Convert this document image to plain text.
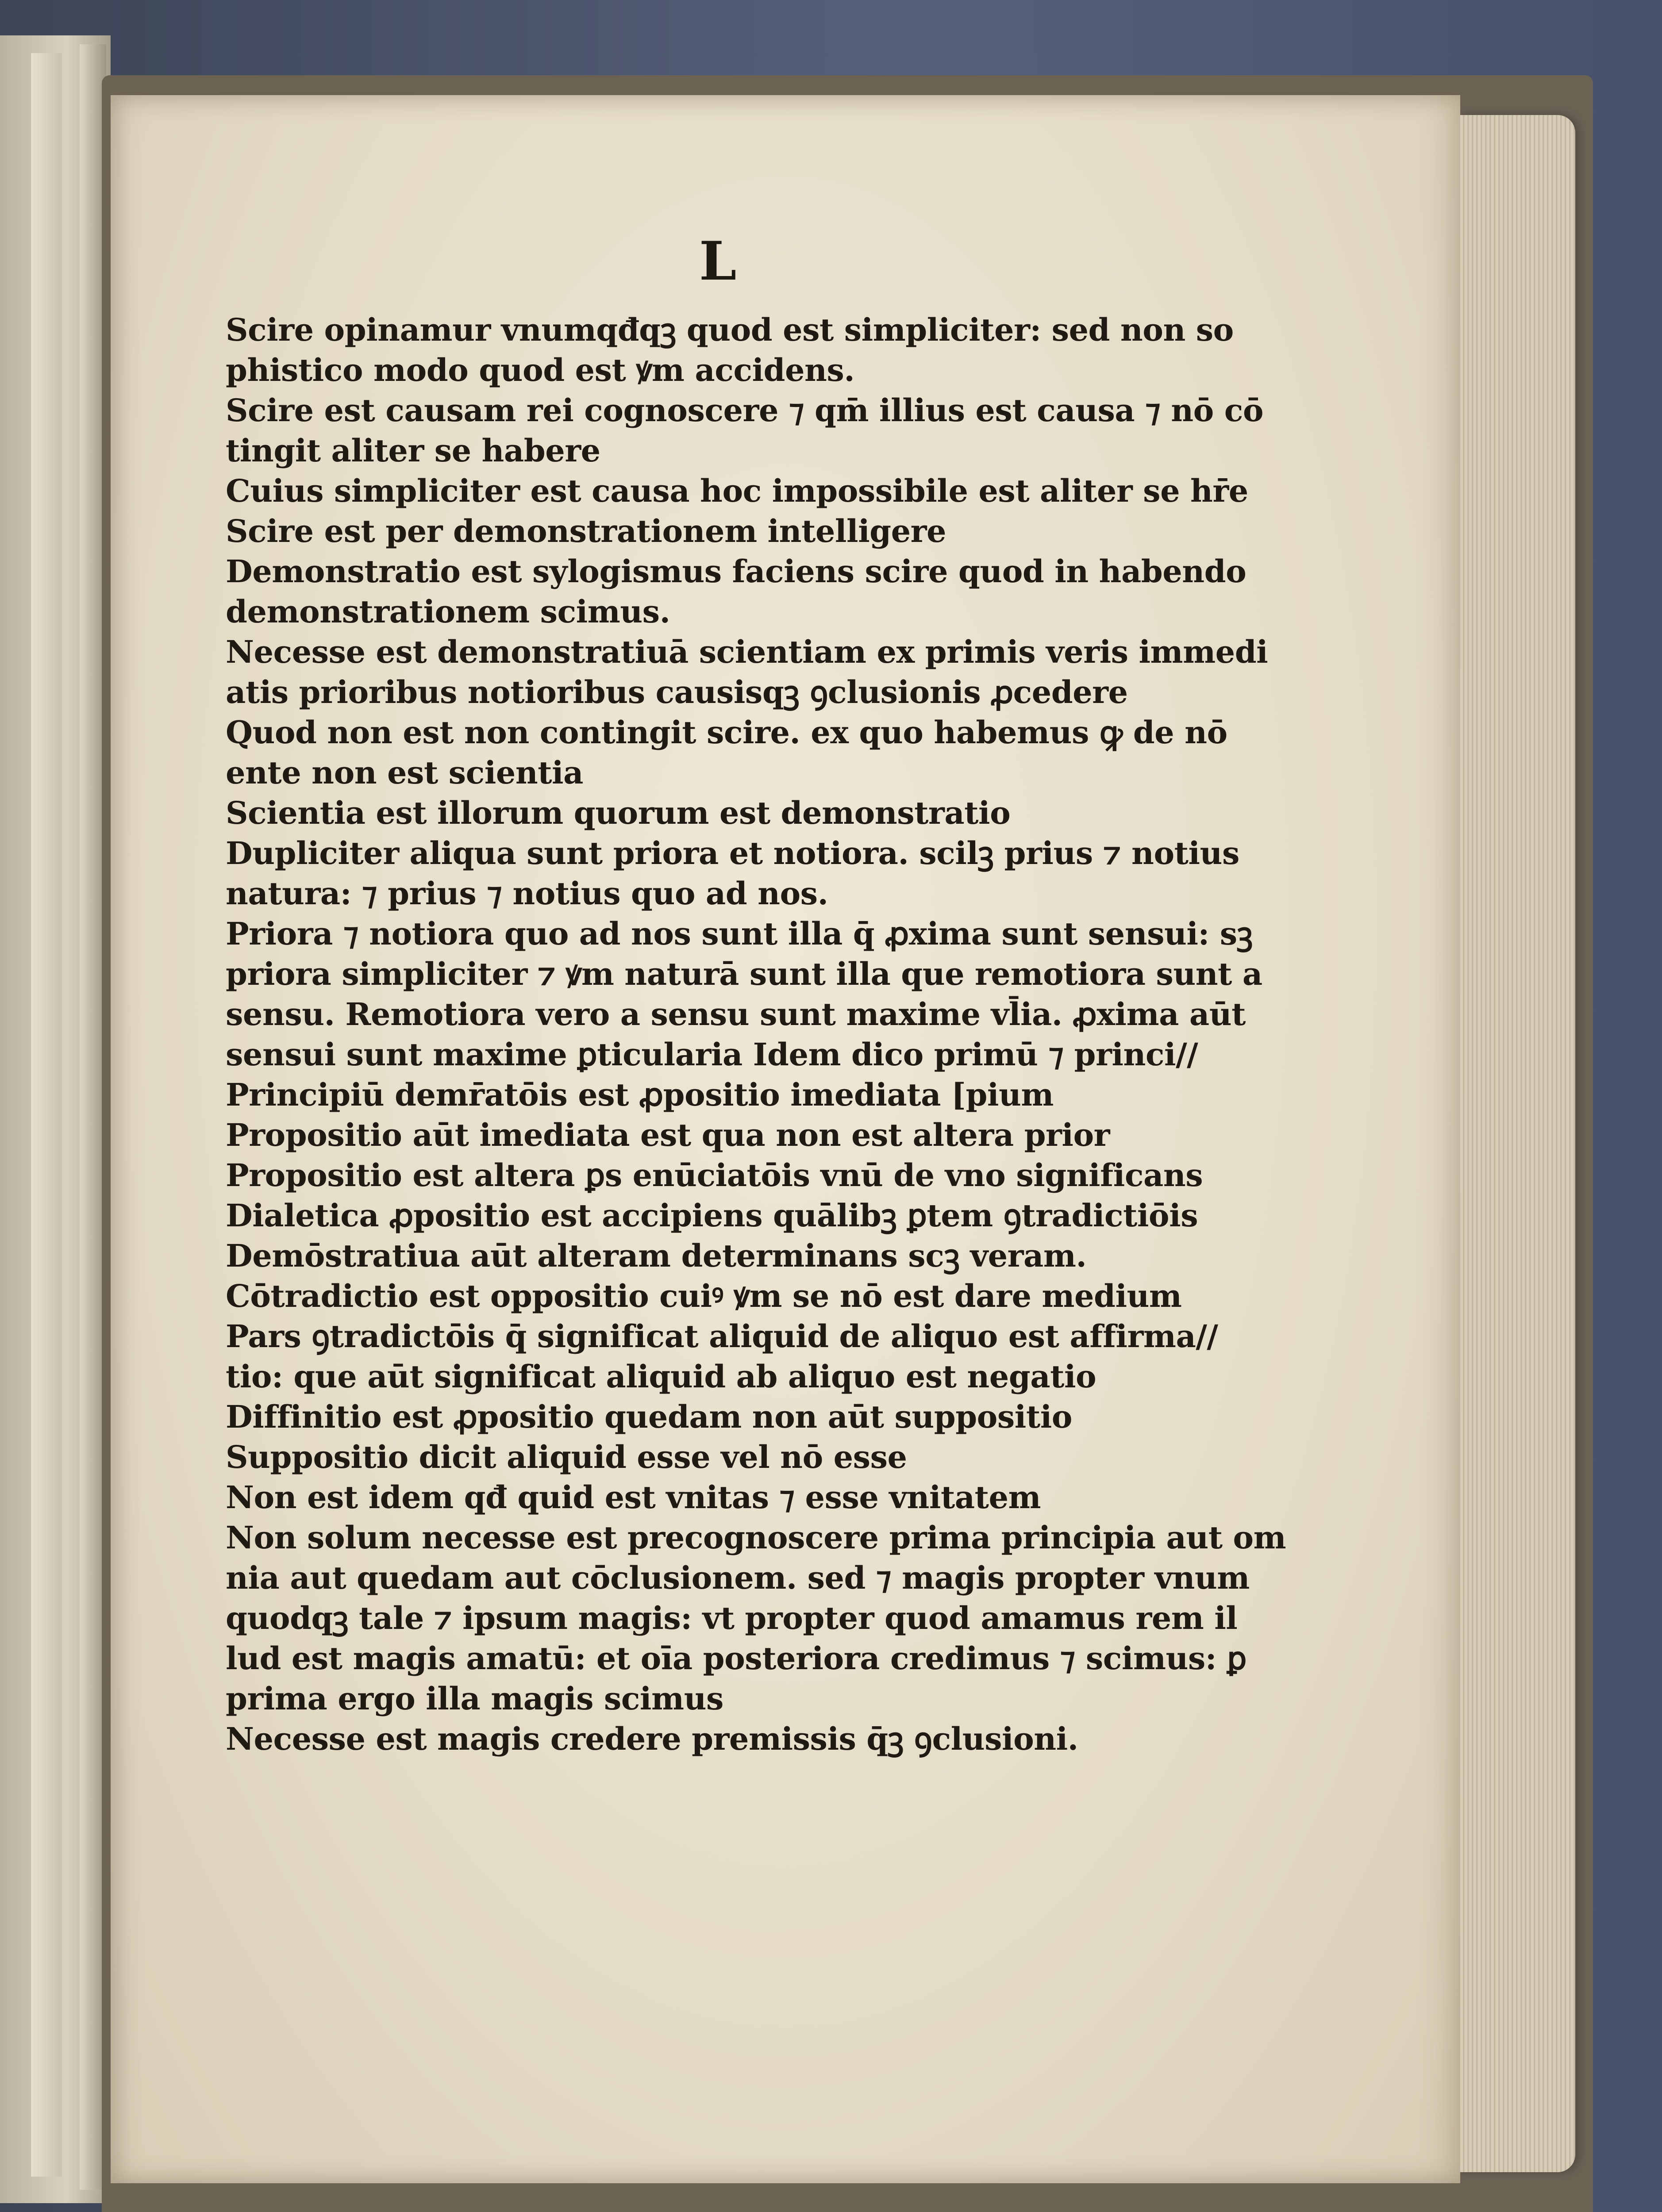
L
Scire opinamur vnumqđqꝫ quod est simpliciter: sed non so
phistico modo quod est ꝟm accidens.
Scire est causam rei cognoscere ⁊ qm̄ illius est causa ⁊ nō cō
tingit aliter se habere
Cuius simpliciter est causa hoc impossibile est aliter se hr̄e
Scire est per demonstrationem intelligere
Demonstratio est sylogismus faciens scire quod in habendo
demonstrationem scimus.
Necesse est demonstratiuā scientiam ex primis veris immedi
atis prioribus notioribus causisqꝫ ꝯclusionis ꝓcedere
Quod non est non contingit scire. ex quo habemus ꝙ de nō
ente non est scientia
Scientia est illorum quorum est demonstratio
Dupliciter aliqua sunt priora et notiora. scilꝫ prius ⁊ notius
natura: ⁊ prius ⁊ notius quo ad nos.
Priora ⁊ notiora quo ad nos sunt illa q̄ ꝓxima sunt sensui: sꝫ
priora simpliciter ⁊ ꝟm naturā sunt illa que remotiora sunt a
sensu. Remotiora vero a sensu sunt maxime vl̄ia. ꝓxima aūt
sensui sunt maxime ꝑticularia Idem dico primū ⁊ princi//
Principiū demr̄atōis est ꝓpositio imediata [pium
Propositio aūt imediata est qua non est altera prior
Propositio est altera ꝑs enūciatōis vnū de vno significans
Dialetica ꝓpositio est accipiens quālibꝫ ꝑtem ꝯtradictiōis
Demōstratiua aūt alteram determinans scꝫ veram.
Cōtradictio est oppositio cuiꝰ ꝟm se nō est dare medium
Pars ꝯtradictōis q̄ significat aliquid de aliquo est affirma//
tio: que aūt significat aliquid ab aliquo est negatio
Diffinitio est ꝓpositio quedam non aūt suppositio
Suppositio dicit aliquid esse vel nō esse
Non est idem qđ quid est vnitas ⁊ esse vnitatem
Non solum necesse est precognoscere prima principia aut om
nia aut quedam aut cōclusionem. sed ⁊ magis propter vnum
quodqꝫ tale ⁊ ipsum magis: vt propter quod amamus rem il
lud est magis amatū: et oīa posteriora credimus ⁊ scimus: ꝑ
prima ergo illa magis scimus
Necesse est magis credere premissis q̄ꝫ ꝯclusioni.
